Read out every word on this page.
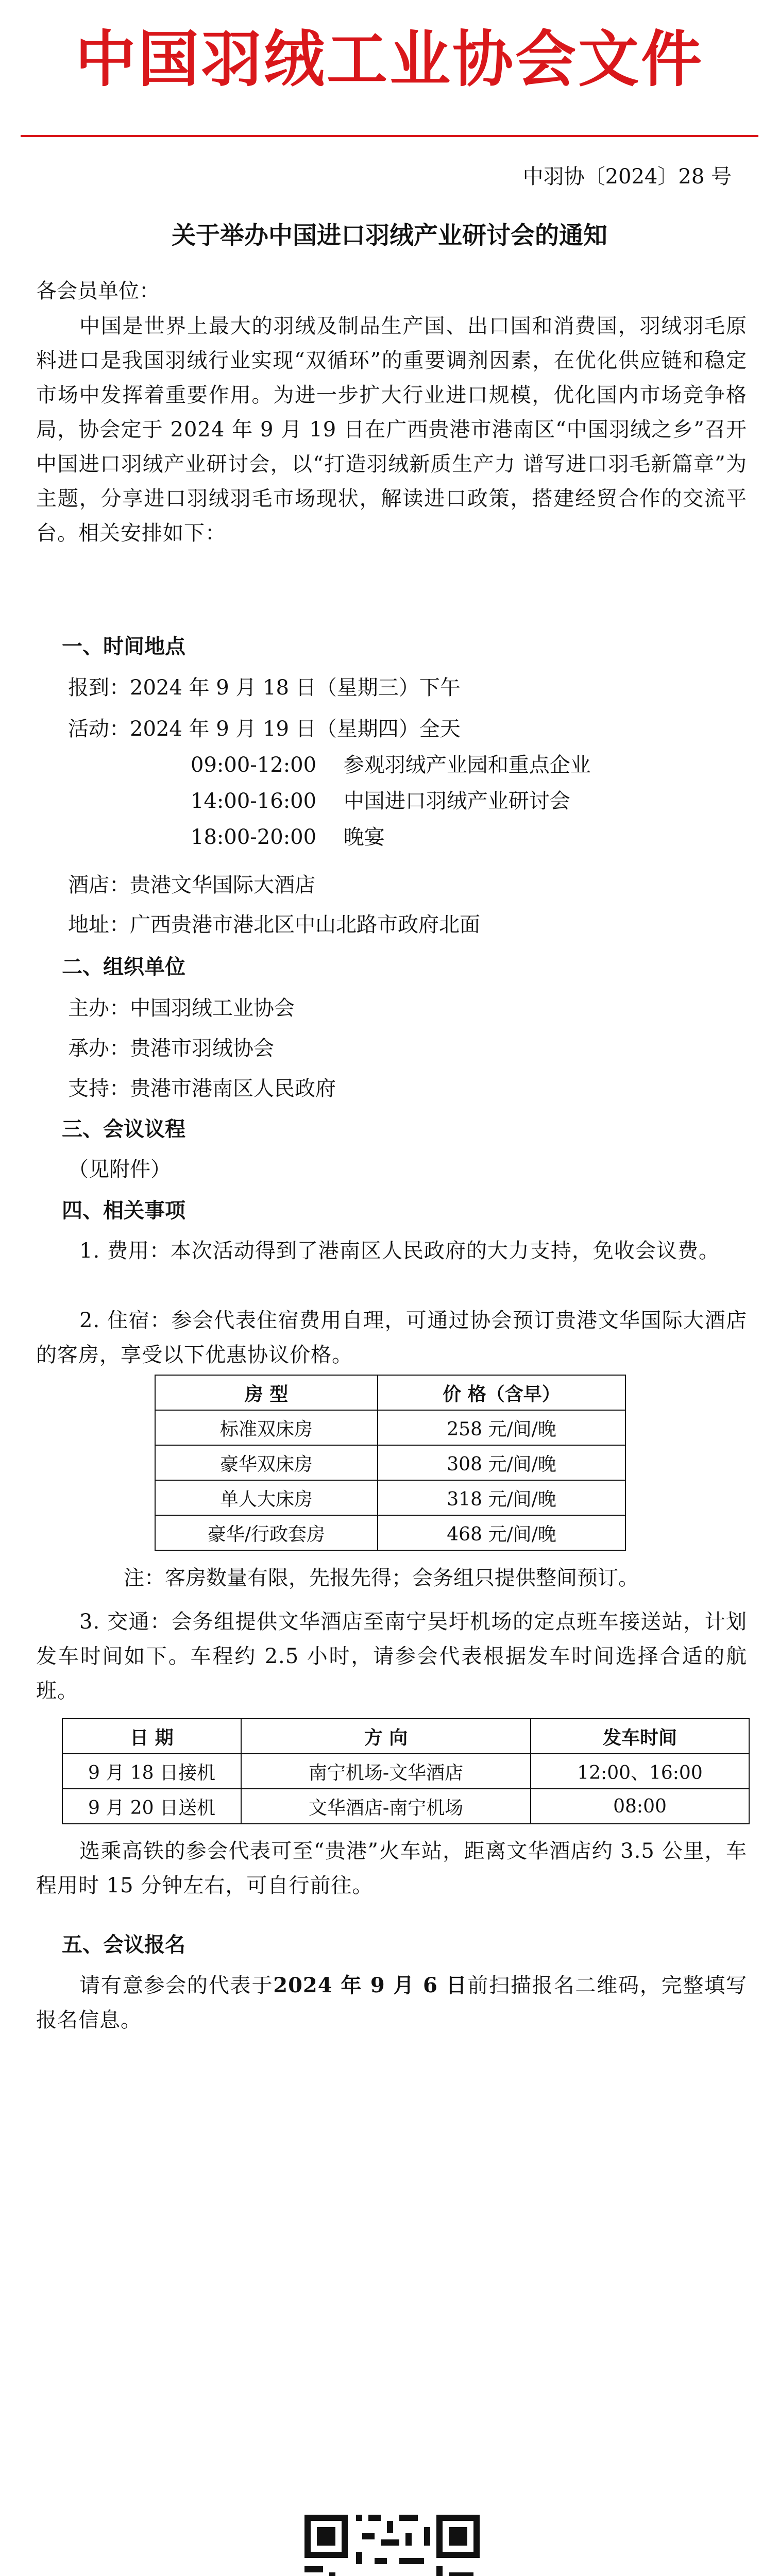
中国羽绒工业协会文件
中羽协〔2024〕28 号
关于举办中国进口羽绒产业研讨会的通知
各会员单位：
中国是世界上最大的羽绒及制品生产国、出口国和消费国，羽绒羽毛原料进口是我国羽绒行业实现“双循环”的重要调剂因素，在优化供应链和稳定市场中发挥着重要作用。为进一步扩大行业进口规模，优化国内市场竞争格局，协会定于 2024 年 9 月 19 日在广西贵港市港南区“中国羽绒之乡”召开中国进口羽绒产业研讨会，以“打造羽绒新质生产力 谱写进口羽毛新篇章”为主题，分享进口羽绒羽毛市场现状，解读进口政策，搭建经贸合作的交流平台。相关安排如下：
一、时间地点
报到：2024 年 9 月 18 日（星期三）下午
活动：2024 年 9 月 19 日（星期四）全天
09:00-12:00 参观羽绒产业园和重点企业
14:00-16:00 中国进口羽绒产业研讨会
18:00-20:00 晚宴
酒店：贵港文华国际大酒店
地址：广西贵港市港北区中山北路市政府北面
二、组织单位
主办：中国羽绒工业协会
承办：贵港市羽绒协会
支持：贵港市港南区人民政府
三、会议议程
（见附件）
四、相关事项
1. 费用：本次活动得到了港南区人民政府的大力支持，免收会议费。
2. 住宿：参会代表住宿费用自理，可通过协会预订贵港文华国际大酒店的客房，享受以下优惠协议价格。
房 型	价 格（含早）
标准双床房	258 元/间/晚
豪华双床房	308 元/间/晚
单人大床房	318 元/间/晚
豪华/行政套房	468 元/间/晚
注：客房数量有限，先报先得；会务组只提供整间预订。
3. 交通：会务组提供文华酒店至南宁吴圩机场的定点班车接送站，计划发车时间如下。车程约 2.5 小时，请参会代表根据发车时间选择合适的航班。
日 期	方 向	发车时间
9 月 18 日接机	南宁机场-文华酒店	12:00、16:00
9 月 20 日送机	文华酒店-南宁机场	08:00
选乘高铁的参会代表可至“贵港”火车站，距离文华酒店约 3.5 公里，车程用时 15 分钟左右，可自行前往。
五、会议报名
请有意参会的代表于2024 年 9 月 6 日前扫描报名二维码，完整填写报名信息。
